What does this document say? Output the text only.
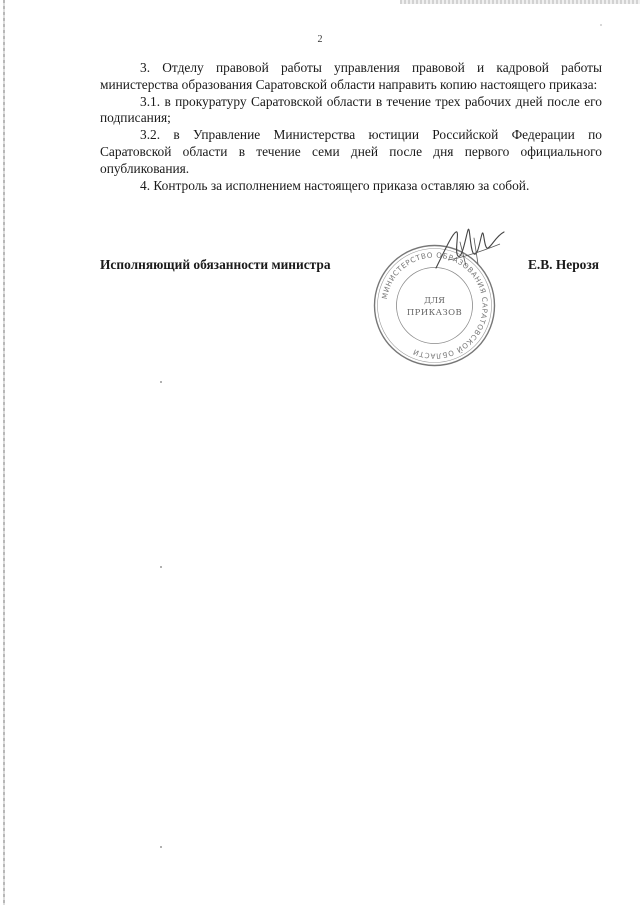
2

3. Отделу правовой работы управления правовой и кадровой работы министерства образования Саратовской области направить копию настоящего приказа:

3.1. в прокуратуру Саратовской области в течение трех рабочих дней после его подписания;

3.2. в Управление Министерства юстиции Российской Федерации по Саратовской области в течение семи дней после дня первого официального опубликования.

4. Контроль за исполнением настоящего приказа оставляю за собой.

Исполняющий обязанности министра	Е.В. Нерозя
МИНИСТЕРСТВО ОБРАЗОВАНИЯ САРАТОВСКОЙ ОБЛАСТИ
ДЛЯ
ПРИКАЗОВ
